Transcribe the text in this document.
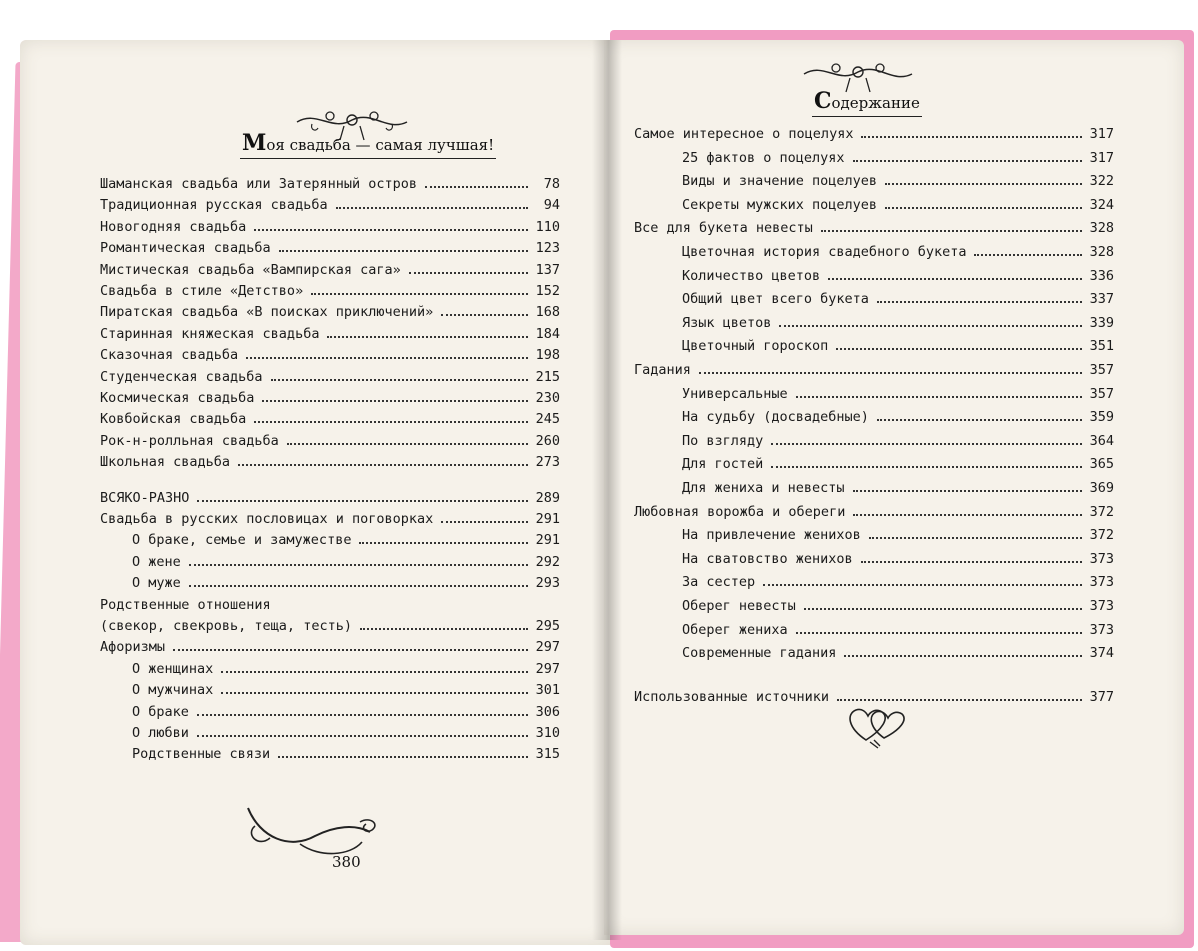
Моя свадьба — самая лучшая!
Шаманская свадьба или Затерянный остров	78
Традиционная русская свадьба	94
Новогодняя свадьба	110
Романтическая свадьба	123
Мистическая свадьба «Вампирская сага»	137
Свадьба в стиле «Детство»	152
Пиратская свадьба «В поисках приключений»	168
Старинная княжеская свадьба	184
Сказочная свадьба	198
Студенческая свадьба	215
Космическая свадьба	230
Ковбойская свадьба	245
Рок-н-ролльная свадьба	260
Школьная свадьба	273
ВСЯКО-РАЗНО	289
Свадьба в русских пословицах и поговорках	291
О браке, семье и замужестве	291
О жене	292
О муже	293
Родственные отношения
(свекор, свекровь, теща, тесть)	295
Афоризмы	297
О женщинах	297
О мужчинах	301
О браке	306
О любви	310
Родственные связи	315
380
Содержание
Самое интересное о поцелуях	317
25 фактов о поцелуях	317
Виды и значение поцелуев	322
Секреты мужских поцелуев	324
Все для букета невесты	328
Цветочная история свадебного букета	328
Количество цветов	336
Общий цвет всего букета	337
Язык цветов	339
Цветочный гороскоп	351
Гадания	357
Универсальные	357
На судьбу (досвадебные)	359
По взгляду	364
Для гостей	365
Для жениха и невесты	369
Любовная ворожба и обереги	372
На привлечение женихов	372
На сватовство женихов	373
За сестер	373
Оберег невесты	373
Оберег жениха	373
Современные гадания	374
Использованные источники	377
